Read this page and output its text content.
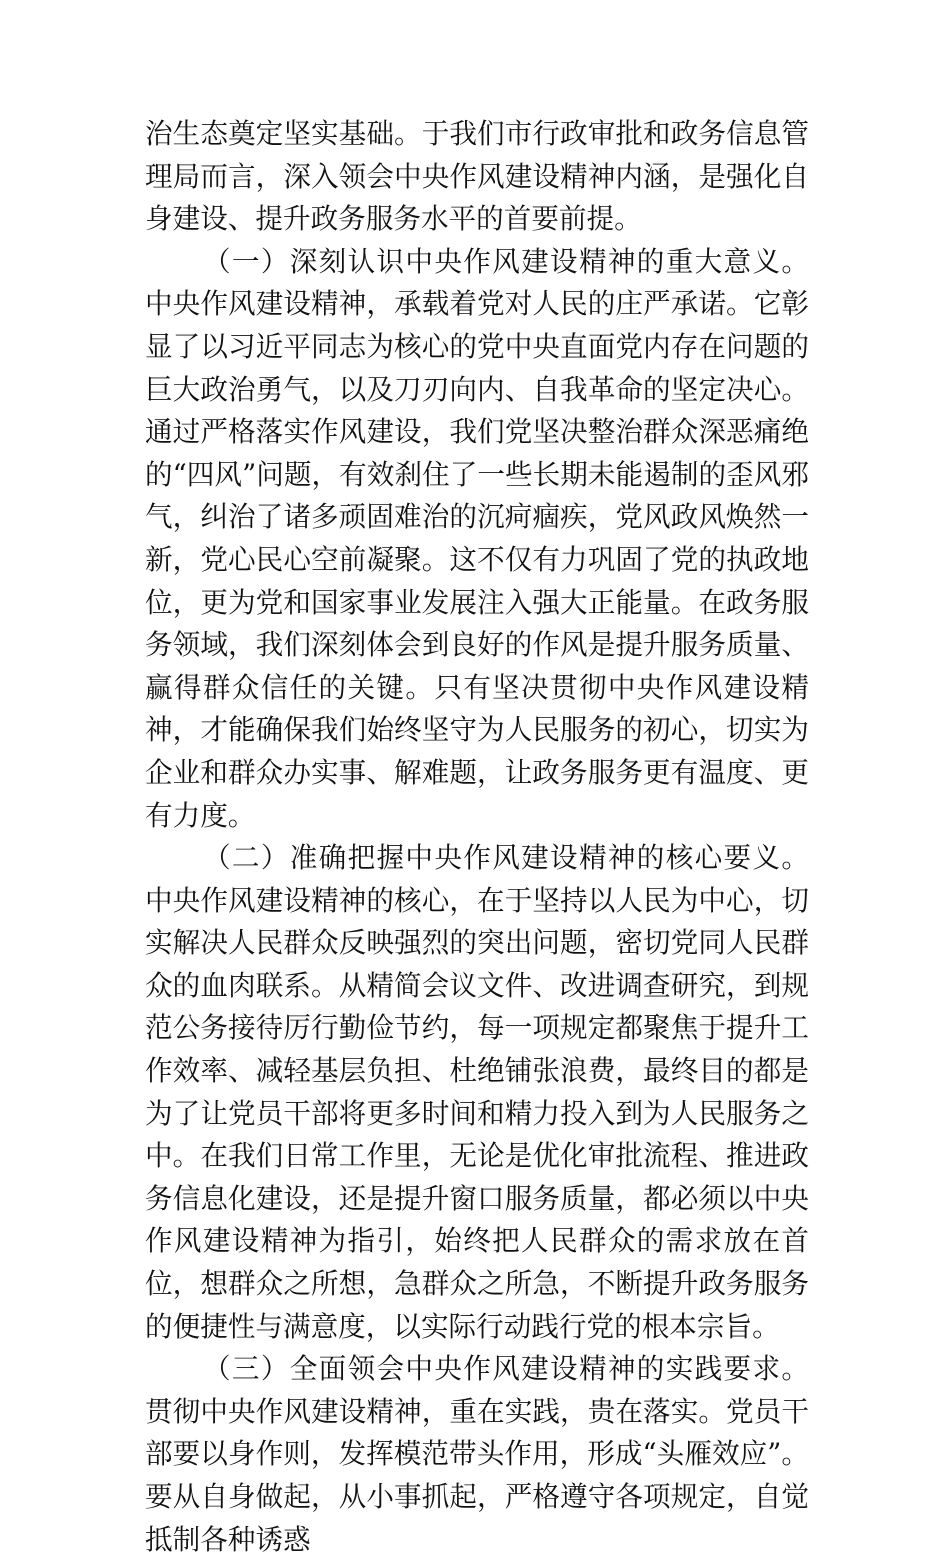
治生态奠定坚实基础。于我们市行政审批和政务信息管理局而言，深入领会中央作风建设精神内涵，是强化自身建设、提升政务服务水平的首要前提。

（一）深刻认识中央作风建设精神的重大意义。中央作风建设精神，承载着党对人民的庄严承诺。它彰显了以习近平同志为核心的党中央直面党内存在问题的巨大政治勇气，以及刀刃向内、自我革命的坚定决心。通过严格落实作风建设，我们党坚决整治群众深恶痛绝的“四风”问题，有效刹住了一些长期未能遏制的歪风邪气，纠治了诸多顽固难治的沉疴痼疾，党风政风焕然一新，党心民心空前凝聚。这不仅有力巩固了党的执政地位，更为党和国家事业发展注入强大正能量。在政务服务领域，我们深刻体会到良好的作风是提升服务质量、赢得群众信任的关键。只有坚决贯彻中央作风建设精神，才能确保我们始终坚守为人民服务的初心，切实为企业和群众办实事、解难题，让政务服务更有温度、更有力度。

（二）准确把握中央作风建设精神的核心要义。中央作风建设精神的核心，在于坚持以人民为中心，切实解决人民群众反映强烈的突出问题，密切党同人民群众的血肉联系。从精简会议文件、改进调查研究，到规范公务接待厉行勤俭节约，每一项规定都聚焦于提升工作效率、减轻基层负担、杜绝铺张浪费，最终目的都是为了让党员干部将更多时间和精力投入到为人民服务之中。在我们日常工作里，无论是优化审批流程、推进政务信息化建设，还是提升窗口服务质量，都必须以中央作风建设精神为指引，始终把人民群众的需求放在首位，想群众之所想，急群众之所急，不断提升政务服务的便捷性与满意度，以实际行动践行党的根本宗旨。

（三）全面领会中央作风建设精神的实践要求。贯彻中央作风建设精神，重在实践，贵在落实。党员干部要以身作则，发挥模范带头作用，形成“头雁效应”。要从自身做起，从小事抓起，严格遵守各项规定，自觉抵制各种诱惑
